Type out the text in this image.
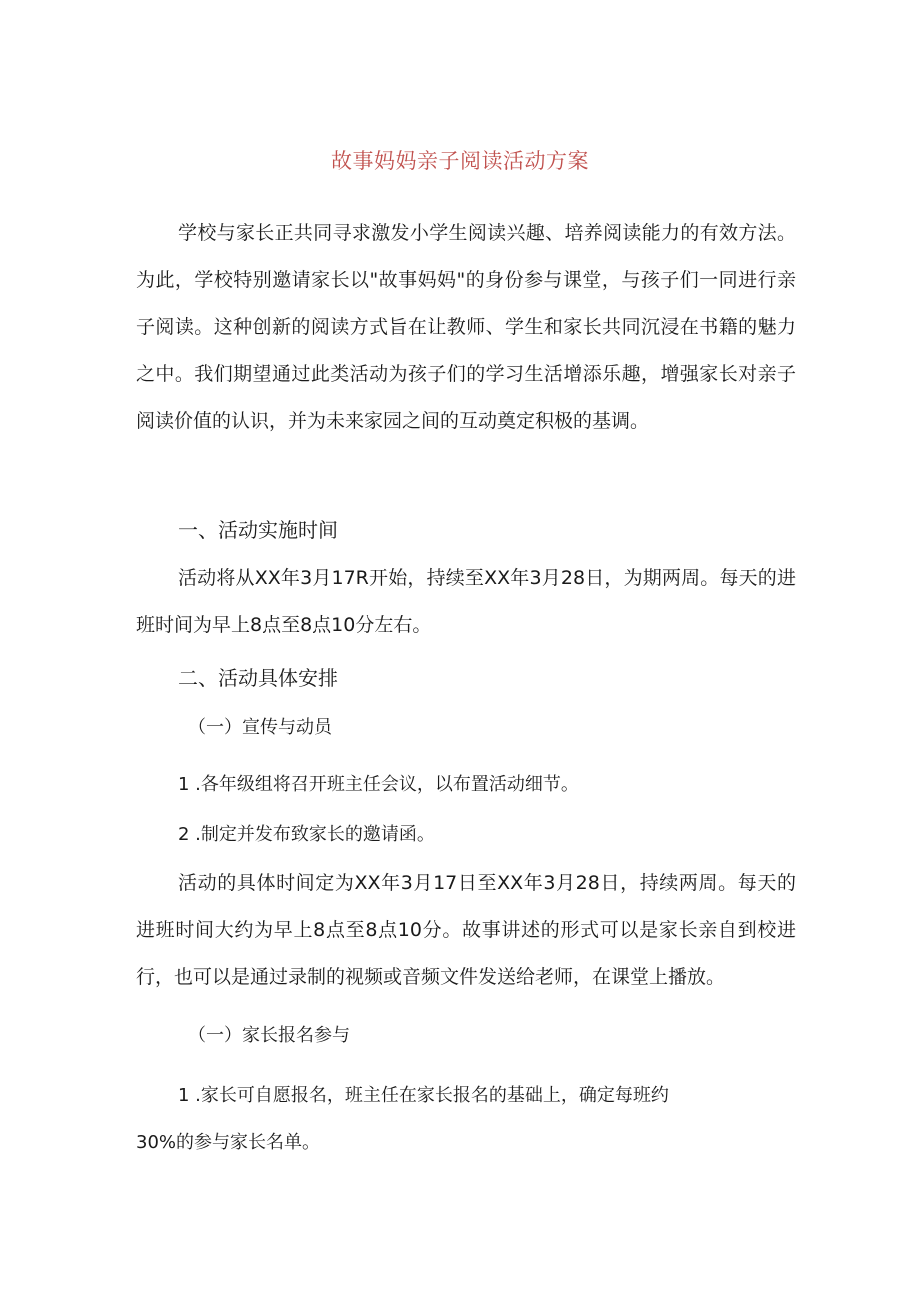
故事妈妈亲子阅读活动方案
学校与家长正共同寻求激发小学生阅读兴趣、培养阅读能力的有效方法。为此，学校特别邀请家长以"故事妈妈"的身份参与课堂，与孩子们一同进行亲子阅读。这种创新的阅读方式旨在让教师、学生和家长共同沉浸在书籍的魅力之中。我们期望通过此类活动为孩子们的学习生活增添乐趣，增强家长对亲子阅读价值的认识，并为未来家园之间的互动奠定积极的基调。
一、活动实施时间
活动将从XX年3月17R开始，持续至XX年3月28日，为期两周。每天的进班时间为早上8点至8点10分左右。
二、活动具体安排
（一）宣传与动员
1 .各年级组将召开班主任会议，以布置活动细节。
2 .制定并发布致家长的邀请函。
活动的具体时间定为XX年3月17日至XX年3月28日，持续两周。每天的进班时间大约为早上8点至8点10分。故事讲述的形式可以是家长亲自到校进行，也可以是通过录制的视频或音频文件发送给老师，在课堂上播放。
（一）家长报名参与
1 .家长可自愿报名，班主任在家长报名的基础上，确定每班约
30%的参与家长名单。
